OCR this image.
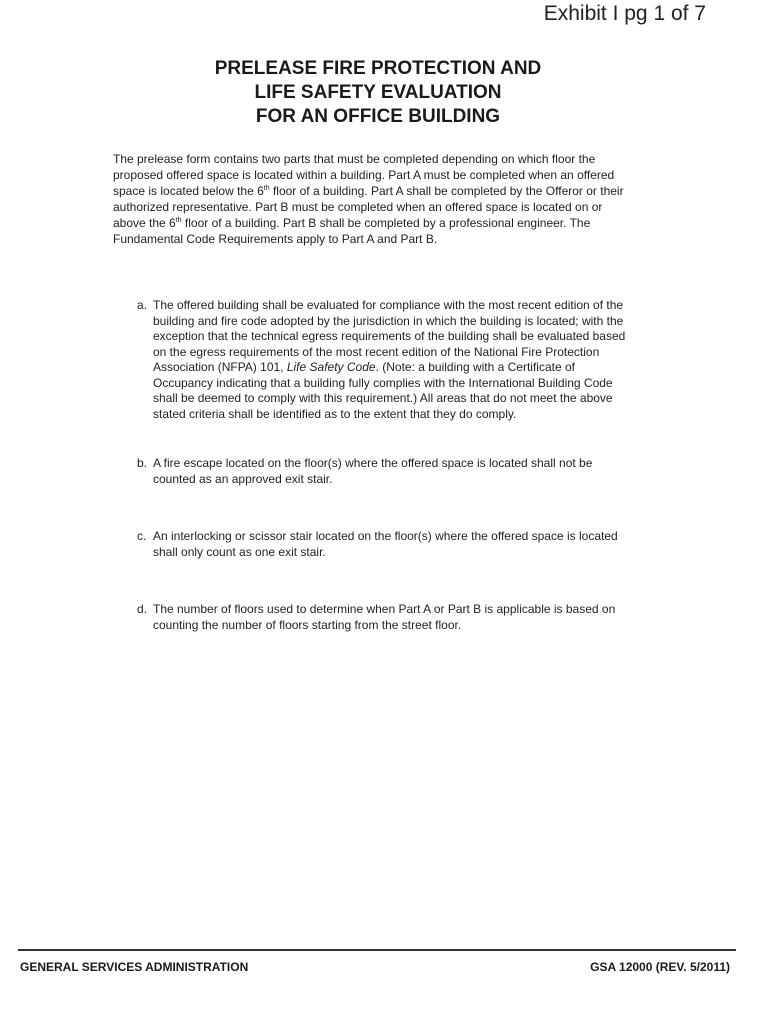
Exhibit I pg 1 of 7
PRELEASE FIRE PROTECTION AND
LIFE SAFETY EVALUATION
FOR AN OFFICE BUILDING
The prelease form contains two parts that must be completed depending on which floor the
proposed offered space is located within a building. Part A must be completed when an offered
space is located below the 6th floor of a building. Part A shall be completed by the Offeror or their
authorized representative. Part B must be completed when an offered space is located on or
above the 6th floor of a building. Part B shall be completed by a professional engineer. The
Fundamental Code Requirements apply to Part A and Part B.
a. The offered building shall be evaluated for compliance with the most recent edition of the
building and fire code adopted by the jurisdiction in which the building is located; with the
exception that the technical egress requirements of the building shall be evaluated based
on the egress requirements of the most recent edition of the National Fire Protection
Association (NFPA) 101, Life Safety Code. (Note: a building with a Certificate of
Occupancy indicating that a building fully complies with the International Building Code
shall be deemed to comply with this requirement.) All areas that do not meet the above
stated criteria shall be identified as to the extent that they do comply.
b. A fire escape located on the floor(s) where the offered space is located shall not be
counted as an approved exit stair.
c. An interlocking or scissor stair located on the floor(s) where the offered space is located
shall only count as one exit stair.
d. The number of floors used to determine when Part A or Part B is applicable is based on
counting the number of floors starting from the street floor.
GENERAL SERVICES ADMINISTRATION	GSA 12000 (REV. 5/2011)
